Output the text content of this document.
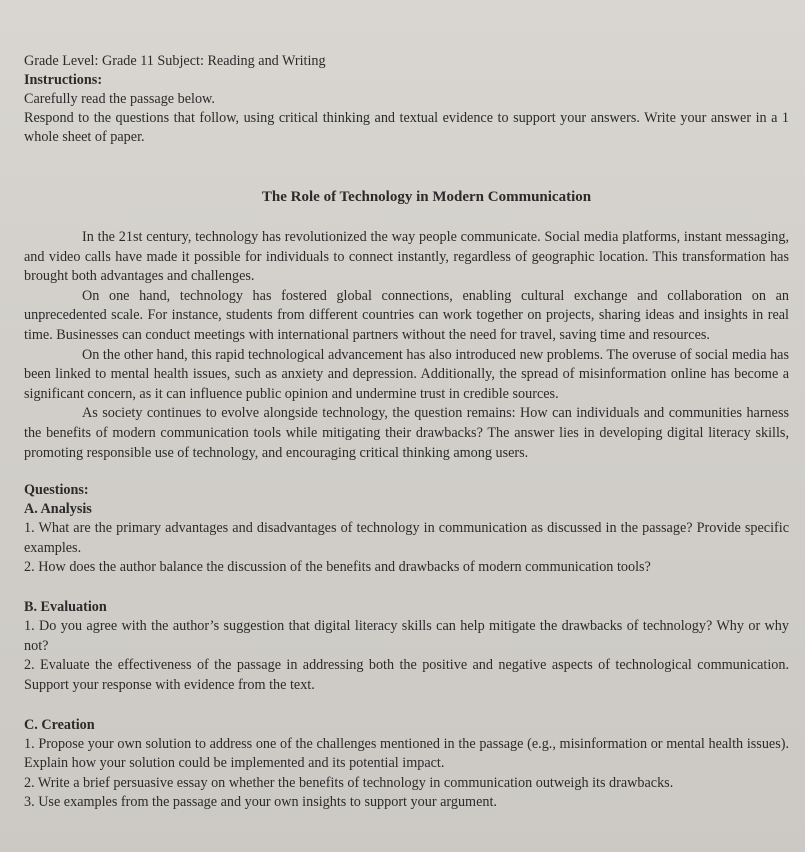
Grade Level: Grade 11 Subject: Reading and Writing

Instructions:

Carefully read the passage below.

Respond to the questions that follow, using critical thinking and textual evidence to support your answers. Write your answer in a 1 whole sheet of paper.

The Role of Technology in Modern Communication

In the 21st century, technology has revolutionized the way people communicate. Social media platforms, instant messaging, and video calls have made it possible for individuals to connect instantly, regardless of geographic location. This transformation has brought both advantages and challenges.

On one hand, technology has fostered global connections, enabling cultural exchange and collaboration on an unprecedented scale. For instance, students from different countries can work together on projects, sharing ideas and insights in real time. Businesses can conduct meetings with international partners without the need for travel, saving time and resources.

On the other hand, this rapid technological advancement has also introduced new problems. The overuse of social media has been linked to mental health issues, such as anxiety and depression. Additionally, the spread of misinformation online has become a significant concern, as it can influence public opinion and undermine trust in credible sources.

As society continues to evolve alongside technology, the question remains: How can individuals and communities harness the benefits of modern communication tools while mitigating their drawbacks? The answer lies in developing digital literacy skills, promoting responsible use of technology, and encouraging critical thinking among users.

Questions:

A. Analysis

1. What are the primary advantages and disadvantages of technology in communication as discussed in the passage? Provide specific examples.

2. How does the author balance the discussion of the benefits and drawbacks of modern communication tools?

B. Evaluation

1. Do you agree with the author’s suggestion that digital literacy skills can help mitigate the drawbacks of technology? Why or why not?

2. Evaluate the effectiveness of the passage in addressing both the positive and negative aspects of technological communication. Support your response with evidence from the text.

C. Creation

1. Propose your own solution to address one of the challenges mentioned in the passage (e.g., misinformation or mental health issues). Explain how your solution could be implemented and its potential impact.

2. Write a brief persuasive essay on whether the benefits of technology in communication outweigh its drawbacks.

3. Use examples from the passage and your own insights to support your argument.
